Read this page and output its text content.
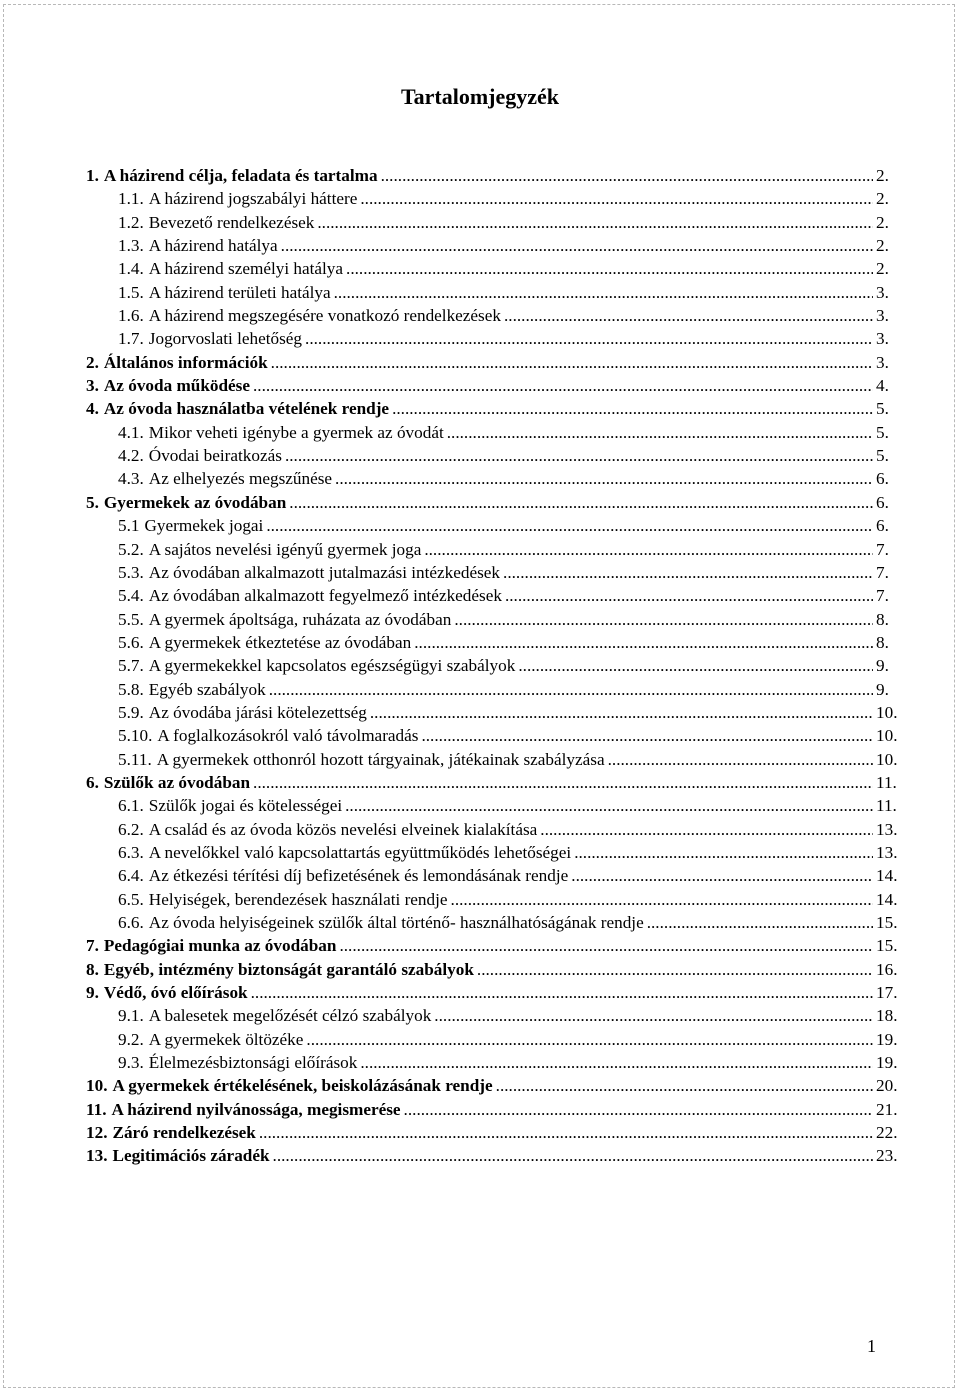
Tartalomjegyzék
1. A házirend célja, feladata és tartalma .....	2.
1.1. A házirend jogszabályi háttere .....	2.
1.2. Bevezető rendelkezések .....	2.
1.3. A házirend hatálya .....	2.
1.4. A házirend személyi hatálya .....	2.
1.5. A házirend területi hatálya .....	3.
1.6. A házirend megszegésére vonatkozó rendelkezések .....	3.
1.7. Jogorvoslati lehetőség .....	3.
2. Általános információk .....	3.
3. Az óvoda működése .....	4.
4. Az óvoda használatba vételének rendje .....	5.
4.1. Mikor veheti igénybe a gyermek az óvodát .....	5.
4.2. Óvodai beiratkozás .....	5.
4.3. Az elhelyezés megszűnése .....	6.
5. Gyermekek az óvodában .....	6.
5.1 Gyermekek jogai .....	6.
5.2. A sajátos nevelési igényű gyermek joga .....	7.
5.3. Az óvodában alkalmazott jutalmazási intézkedések .....	7.
5.4. Az óvodában alkalmazott fegyelmező intézkedések .....	7.
5.5. A gyermek ápoltsága, ruházata az óvodában .....	8.
5.6. A gyermekek étkeztetése az óvodában .....	8.
5.7. A gyermekekkel kapcsolatos egészségügyi szabályok .....	9.
5.8. Egyéb szabályok .....	9.
5.9. Az óvodába járási kötelezettség .....	10.
5.10. A foglalkozásokról való távolmaradás .....	10.
5.11. A gyermekek otthonról hozott tárgyainak, játékainak szabályzása .....	10.
6. Szülők az óvodában .....	11.
6.1. Szülők jogai és kötelességei .....	11.
6.2. A család és az óvoda közös nevelési elveinek kialakítása .....	13.
6.3. A nevelőkkel való kapcsolattartás együttműködés lehetőségei .....	13.
6.4. Az étkezési térítési díj befizetésének és lemondásának rendje .....	14.
6.5. Helyiségek, berendezések használati rendje .....	14.
6.6. Az óvoda helyiségeinek szülők által történő- használhatóságának rendje .....	15.
7. Pedagógiai munka az óvodában .....	15.
8. Egyéb, intézmény biztonságát garantáló szabályok .....	16.
9. Védő, óvó előírások .....	17.
9.1. A balesetek megelőzését célzó szabályok .....	18.
9.2. A gyermekek öltözéke .....	19.
9.3. Élelmezésbiztonsági előírások .....	19.
10. A gyermekek értékelésének, beiskolázásának rendje .....	20.
11. A házirend nyilvánossága, megismerése .....	21.
12. Záró rendelkezések .....	22.
13. Legitimációs záradék .....	23.
1
